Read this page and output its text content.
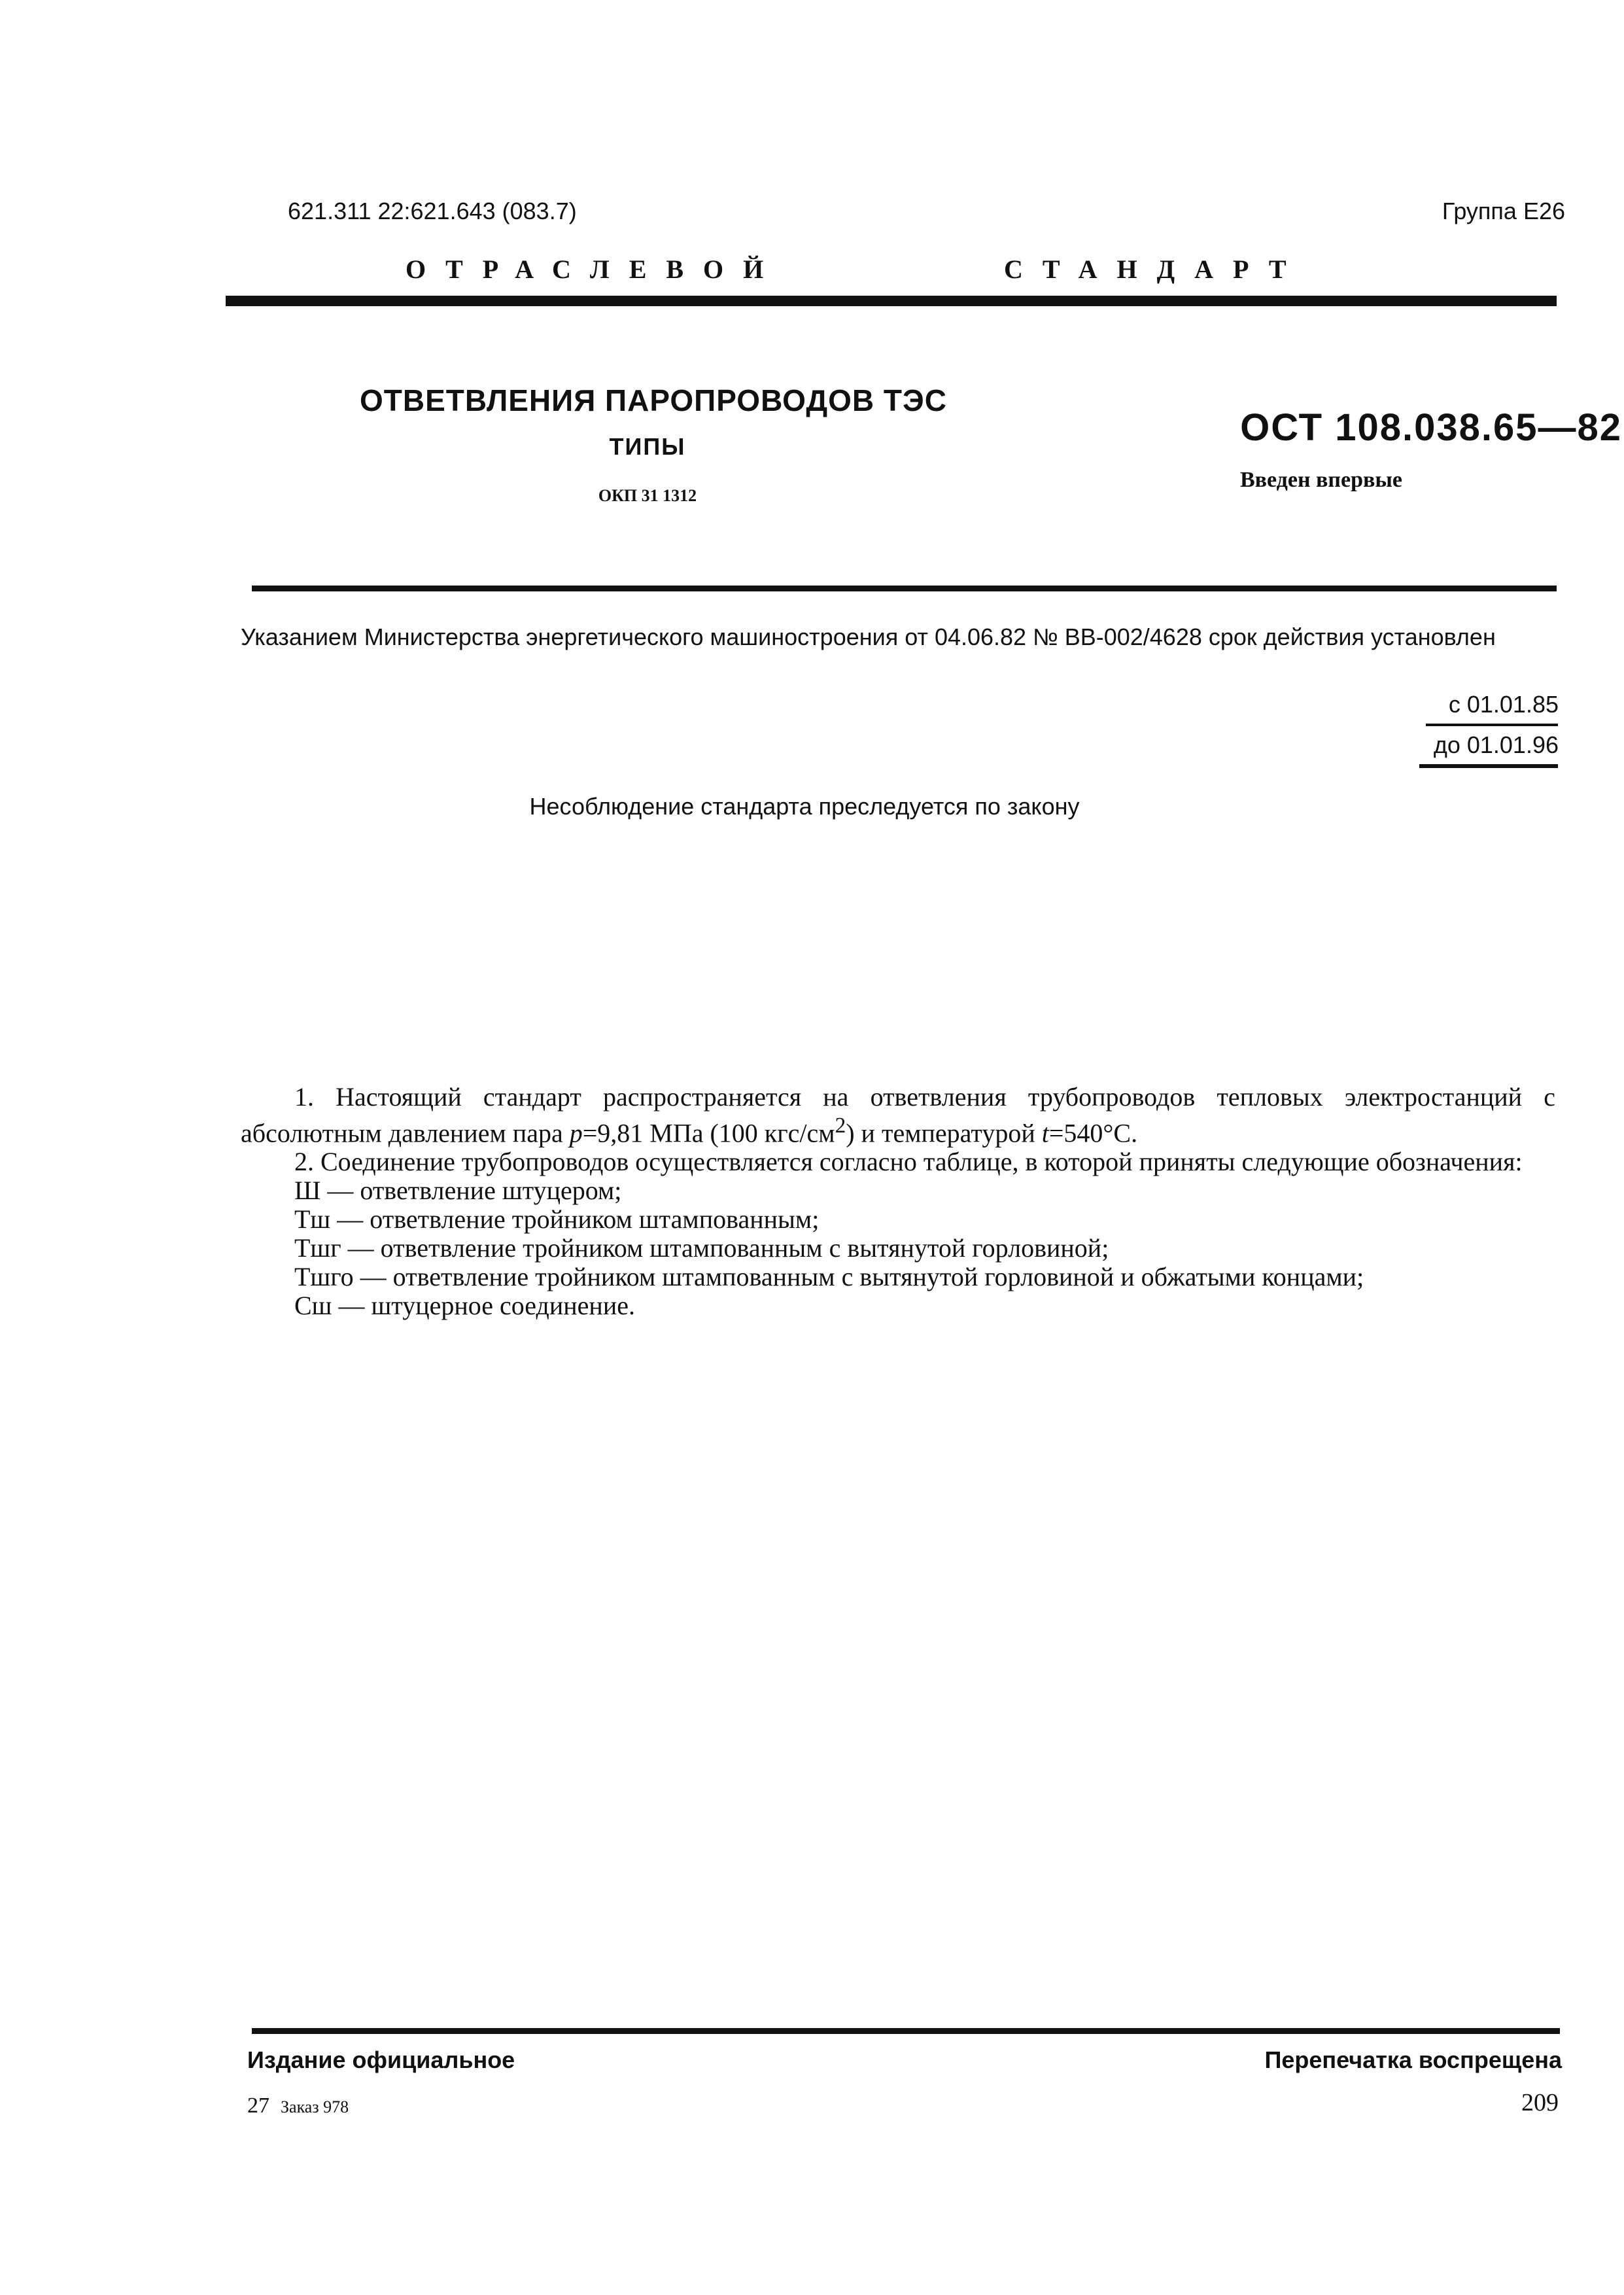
621.311 22:621.643 (083.7)	Группа Е26
ОТРАСЛЕВОЙ	СТАНДАРТ
ОТВЕТВЛЕНИЯ ПАРОПРОВОДОВ ТЭС
ТИПЫ
ОКП 31 1312
ОСТ 108.038.65—82
Введен впервые
Указанием Министерства энергетического машиностроения от 04.06.82 № ВВ-002/4628 срок действия установлен
с 01.01.85
до 01.01.96
Несоблюдение стандарта преследуется по закону

1. Настоящий стандарт распространяется на ответвления трубопроводов тепловых электростанций с абсолютным давлением пара p=9,81 МПа (100 кгс/$см^2$) и температурой t=540°С.

2. Соединение трубопроводов осуществляется согласно таблице, в которой приняты следующие обозначения:

Ш — ответвление штуцером;

Тш — ответвление тройником штампованным;

Тшг — ответвление тройником штампованным с вытянутой горловиной;

Тшго — ответвление тройником штампованным с вытянутой горловиной и обжатыми концами;

Сш — штуцерное соединение.

Издание официальное	Перепечатка воспрещена
27 Заказ 978	209
